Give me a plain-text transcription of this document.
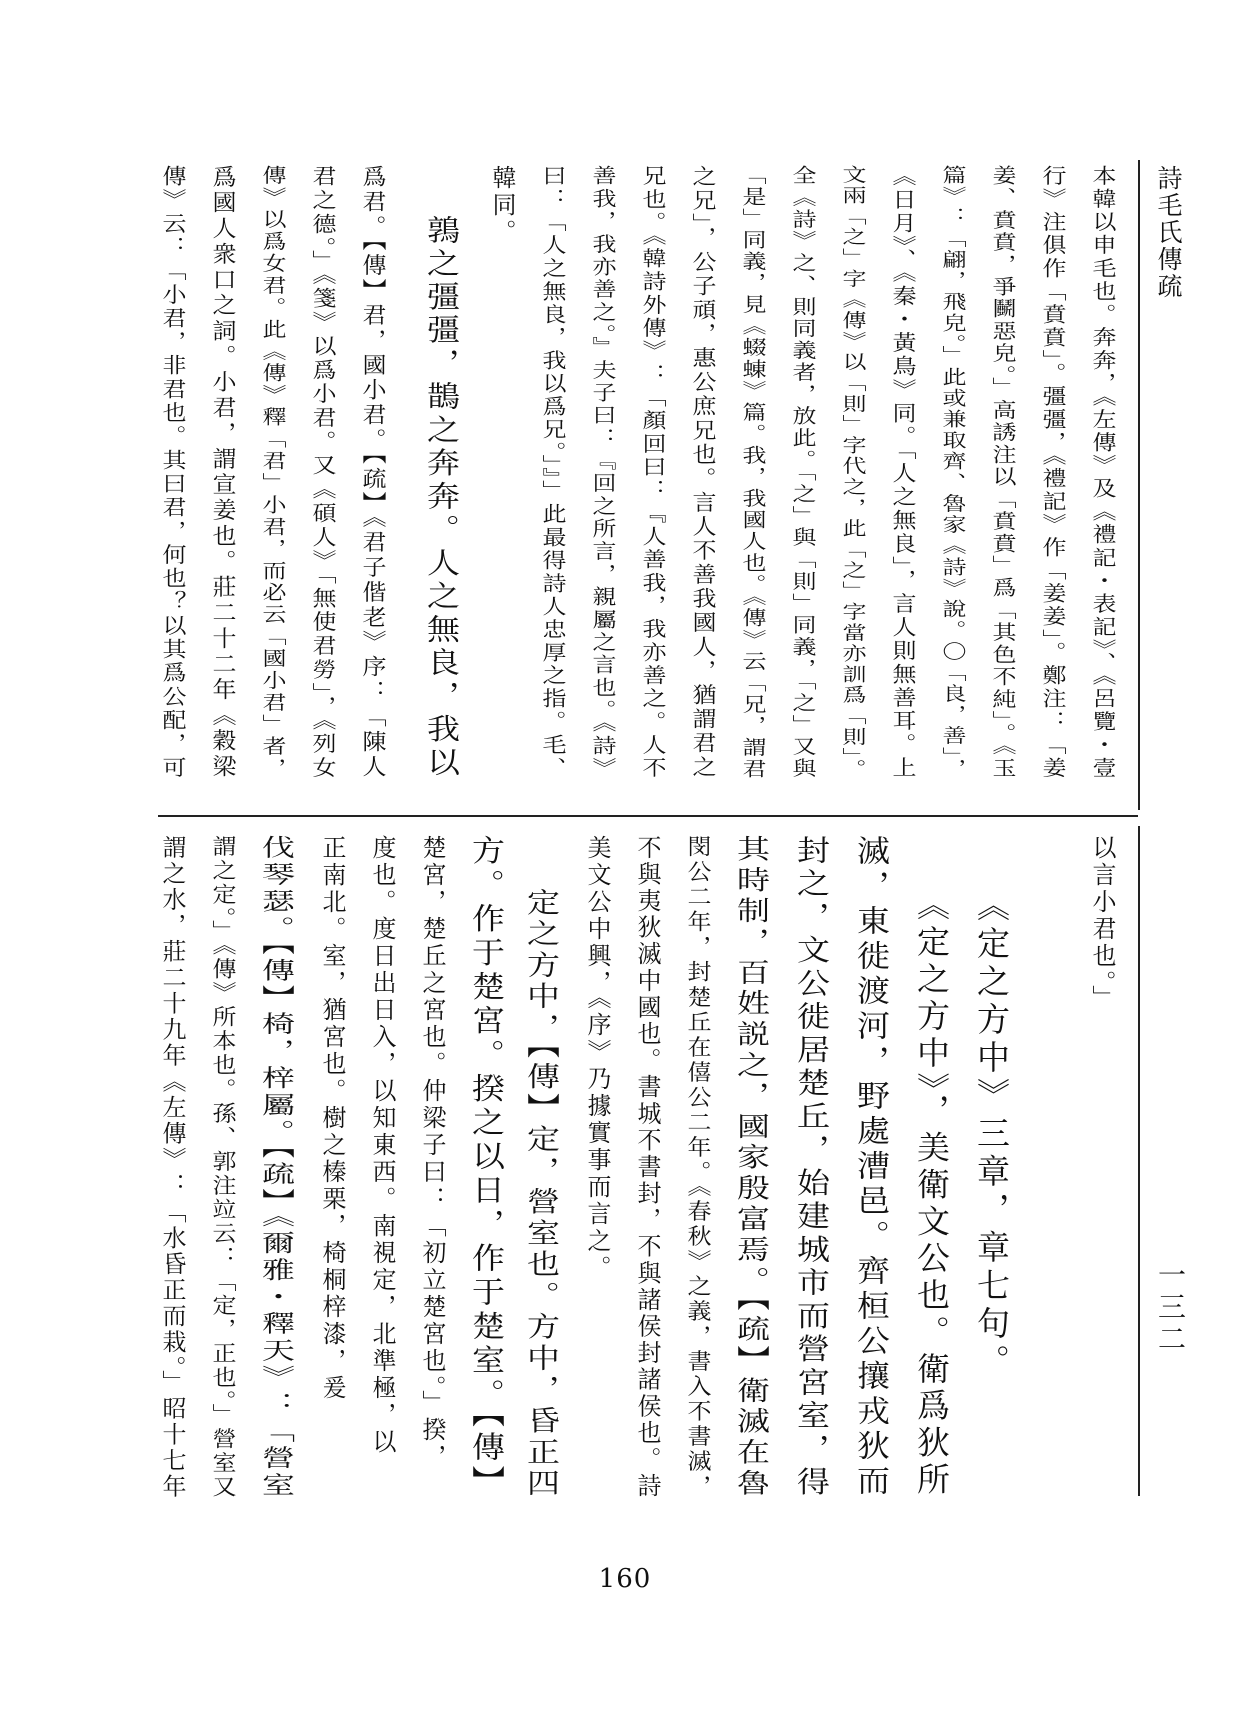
詩毛氏傳疏
一三二
本韓以申毛也。奔奔，《左傳》及《禮記・表記》、《呂覽・壹
行》注俱作「賁賁」。彊彊，《禮記》作「姜姜」。鄭注：「姜
姜、賁賁，爭鬭惡皃。」高誘注以「賁賁」爲「其色不純」。《玉
篇》：「翩，飛皃。」此或兼取齊、魯家《詩》說。〇「良，善」，
《日月》、《秦・黃鳥》同。「人之無良」，言人則無善耳。上
文兩「之」字《傳》以「則」字代之，此「之」字當亦訓爲「則」。
全《詩》之、則同義者，放此。「之」與「則」同義，「之」又與
「是」同義，見《蝃蝀》篇。我，我國人也。《傳》云「兄，謂君
之兄」，公子頑，惠公庶兄也。言人不善我國人，猶謂君之
兄也。《韓詩外傳》：「顏回曰：『人善我，我亦善之。人不
善我，我亦善之。』夫子曰：『回之所言，親屬之言也。《詩》
曰：「人之無良，我以爲兄。」』」此最得詩人忠厚之指。毛、
韓同。
鶉之彊彊，鵲之奔奔。人之無良，我以
爲君。【傳】君，國小君。【疏】《君子偕老》序：「陳人
君之德。」《箋》以爲小君。又《碩人》「無使君勞」，《列女
傳》以爲女君。此《傳》釋「君」小君，而必云「國小君」者，
爲國人衆口之詞。小君，謂宣姜也。莊二十二年《穀梁
傳》云：「小君，非君也。其曰君，何也？以其爲公配，可
以言小君也。」
《定之方中》三章，章七句。
《定之方中》，美衛文公也。衛爲狄所
滅，東徙渡河，野處漕邑。齊桓公攘戎狄而
封之，文公徙居楚丘，始建城市而營宮室，得
其時制，百姓説之，國家殷富焉。【疏】衛滅在魯
閔公二年，封楚丘在僖公二年。《春秋》之義，書入不書滅，
不與夷狄滅中國也。書城不書封，不與諸侯封諸侯也。詩
美文公中興，《序》乃據實事而言之。
定之方中，【傳】定，營室也。方中，昏正四
方。作于楚宮。揆之以日，作于楚室。【傳】
楚宮，楚丘之宮也。仲梁子曰：「初立楚宮也。」揆，
度也。度日出日入，以知東西。南視定，北準極，以
正南北。室，猶宮也。樹之榛栗，椅桐梓漆，爰
伐琴瑟。【傳】椅，梓屬。【疏】《爾雅・釋天》：「營室
謂之定。」《傳》所本也。孫、郭注竝云：「定，正也。」營室又
謂之水，莊二十九年《左傳》：「水昏正而栽。」昭十七年
160
